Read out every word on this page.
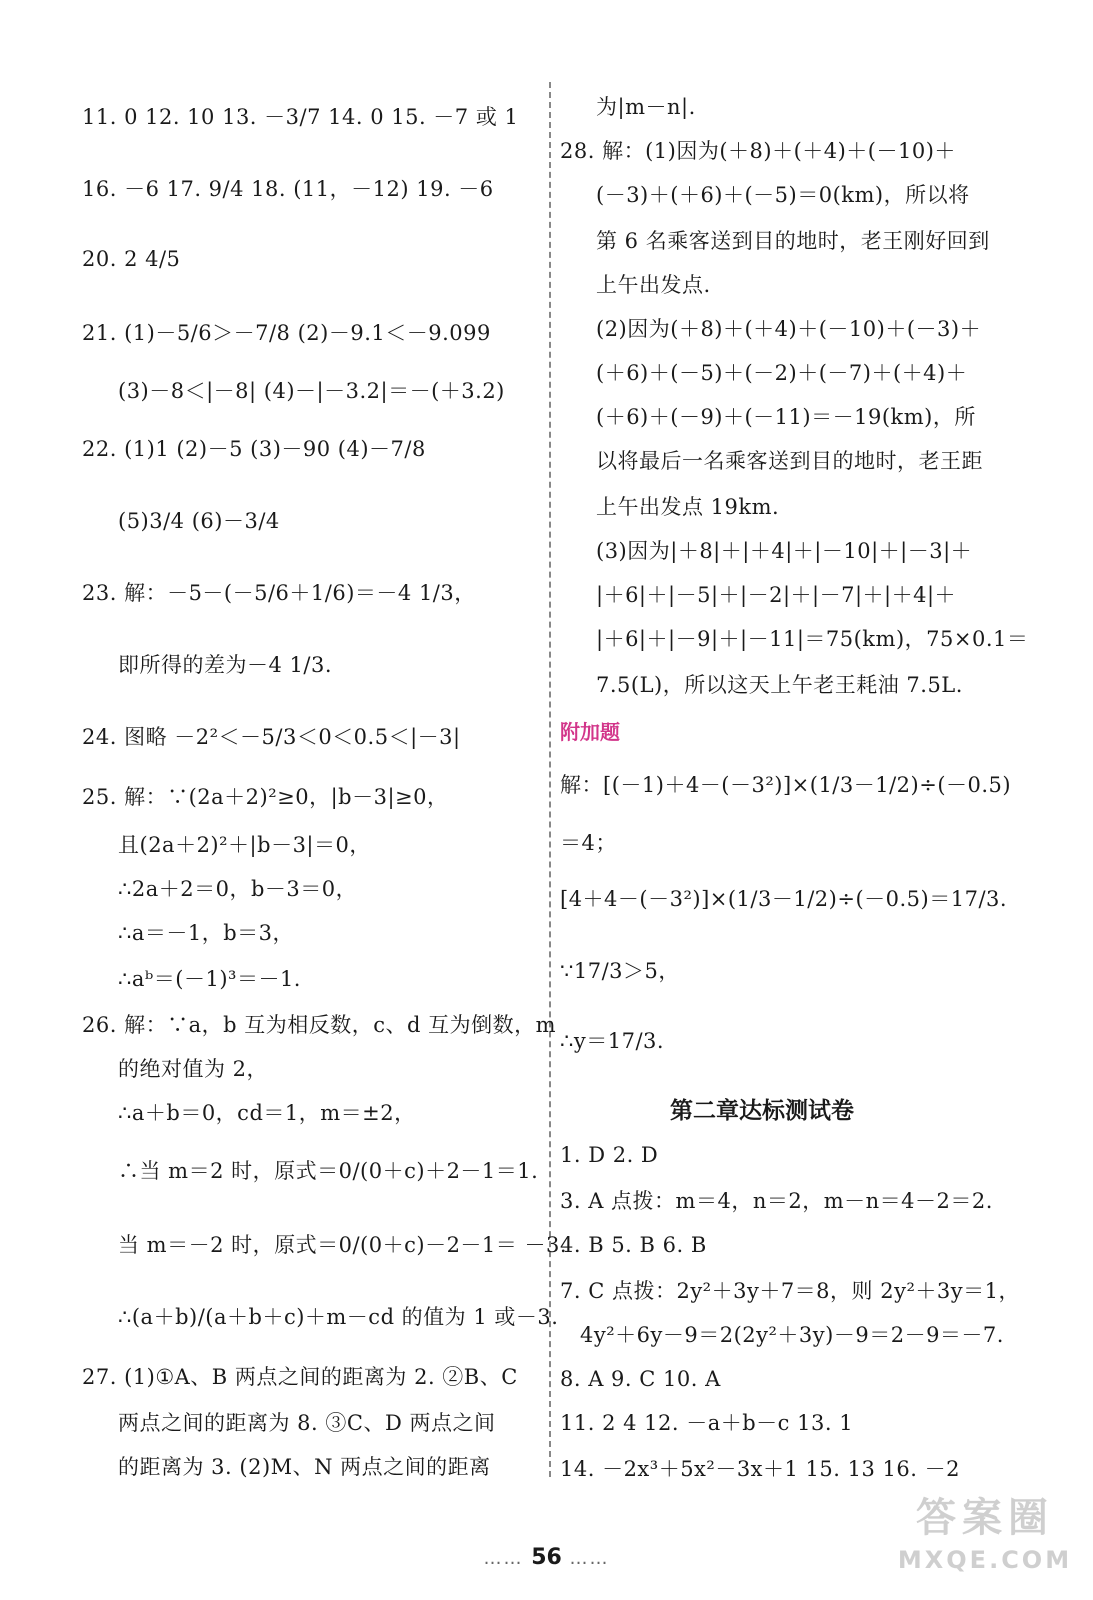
11. 0 12. 10 13. －3/7 14. 0 15. －7 或 1
16. －6 17. 9/4 18. (11，－12) 19. －6
20. 2 4/5
21. (1)－5/6＞－7/8 (2)－9.1＜－9.099
(3)－8＜|－8| (4)－|－3.2|＝－(＋3.2)
22. (1)1 (2)－5 (3)－90 (4)－7/8
(5)3/4 (6)－3/4
23. 解：－5－(－5/6＋1/6)＝－4 1/3，
即所得的差为－4 1/3.
24. 图略 －2²＜－5/3＜0＜0.5＜|－3|
25. 解：∵(2a＋2)²≥0，|b－3|≥0，
且(2a＋2)²＋|b－3|＝0，
∴2a＋2＝0，b－3＝0，
∴a＝－1，b＝3，
∴aᵇ＝(－1)³＝－1.
26. 解：∵a，b 互为相反数，c、d 互为倒数，m
的绝对值为 2，
∴a＋b＝0，cd＝1，m＝±2，
∴当 m＝2 时，原式＝0/(0＋c)＋2－1＝1.
当 m＝－2 时，原式＝0/(0＋c)－2－1＝ －3.
∴(a＋b)/(a＋b＋c)＋m－cd 的值为 1 或－3.
27. (1)①A、B 两点之间的距离为 2. ②B、C
两点之间的距离为 8. ③C、D 两点之间
的距离为 3. (2)M、N 两点之间的距离
附加题
第二章达标测试卷
为|m－n|.
28. 解：(1)因为(＋8)＋(＋4)＋(－10)＋
(－3)＋(＋6)＋(－5)＝0(km)，所以将
第 6 名乘客送到目的地时，老王刚好回到
上午出发点.
(2)因为(＋8)＋(＋4)＋(－10)＋(－3)＋
(＋6)＋(－5)＋(－2)＋(－7)＋(＋4)＋
(＋6)＋(－9)＋(－11)＝－19(km)，所
以将最后一名乘客送到目的地时，老王距
上午出发点 19km.
(3)因为|＋8|＋|＋4|＋|－10|＋|－3|＋
|＋6|＋|－5|＋|－2|＋|－7|＋|＋4|＋
|＋6|＋|－9|＋|－11|＝75(km)，75×0.1＝
7.5(L)，所以这天上午老王耗油 7.5L.
解：[(－1)＋4－(－3²)]×(1/3－1/2)÷(－0.5)
＝4；
[4＋4－(－3²)]×(1/3－1/2)÷(－0.5)＝17/3.
∵17/3＞5，
∴y＝17/3.
1. D 2. D
3. A 点拨：m＝4，n＝2，m－n＝4－2＝2.
4. B 5. B 6. B
7. C 点拨：2y²＋3y＋7＝8，则 2y²＋3y＝1，
4y²＋6y－9＝2(2y²＋3y)－9＝2－9＝－7.
8. A 9. C 10. A
11. 2 4 12. －a＋b－c 13. 1
14. －2x³＋5x²－3x＋1 15. 13 16. －2
…… 56 ……
答案圈
MXQE.COM
